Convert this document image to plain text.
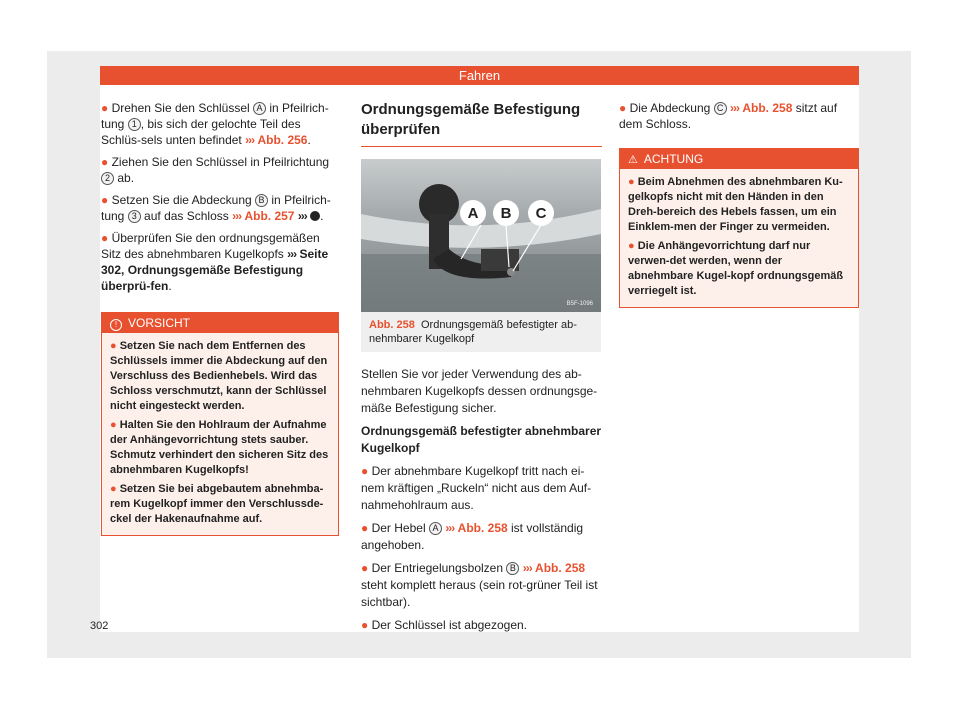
Fahren

● Drehen Sie den Schlüssel A in Pfeilrich-tung 1 , bis sich der gelochte Teil des Schlüs-sels unten befindet ››› Abb. 256.

● Ziehen Sie den Schlüssel in Pfeilrichtung 2 ab.

● Setzen Sie die Abdeckung B in Pfeilrich-tung 3 auf das Schloss ››› Abb. 257 ››› .

● Überprüfen Sie den ordnungsgemäßen Sitz des abnehmbaren Kugelkopfs ››› Seite 302, Ordnungsgemäße Befestigung überprü-fen.

! VORSICHT

● Setzen Sie nach dem Entfernen des Schlüssels immer die Abdeckung auf den Verschluss des Bedienhebels. Wird das Schloss verschmutzt, kann der Schlüssel nicht eingesteckt werden.

● Halten Sie den Hohlraum der Aufnahme der Anhängevorrichtung stets sauber. Schmutz verhindert den sicheren Sitz des abnehmbaren Kugelkopfs!

● Setzen Sie bei abgebautem abnehmba-rem Kugelkopf immer den Verschlussde-ckel der Hakenaufnahme auf.

Ordnungsgemäße Befestigung überprüfen
A B C
B5F-1096
Abb. 258 Ordnungsgemäß befestigter ab-nehmbarer Kugelkopf

Stellen Sie vor jeder Verwendung des ab-nehmbaren Kugelkopfs dessen ordnungsge-mäße Befestigung sicher.

Ordnungsgemäß befestigter abnehmbarer Kugelkopf

● Der abnehmbare Kugelkopf tritt nach ei-nem kräftigen „Ruckeln“ nicht aus dem Auf-nahmehohlraum aus.

● Der Hebel A ››› Abb. 258 ist vollständig angehoben.

● Der Entriegelungsbolzen B ››› Abb. 258 steht komplett heraus (sein rot-grüner Teil ist sichtbar).

● Der Schlüssel ist abgezogen.

● Die Abdeckung C ››› Abb. 258 sitzt auf dem Schloss.

⚠ ACHTUNG

● Beim Abnehmen des abnehmbaren Ku-gelkopfs nicht mit den Händen in den Dreh-bereich des Hebels fassen, um ein Einklem-men der Finger zu vermeiden.

● Die Anhängevorrichtung darf nur verwen-det werden, wenn der abnehmbare Kugel-kopf ordnungsgemäß verriegelt ist.

302
